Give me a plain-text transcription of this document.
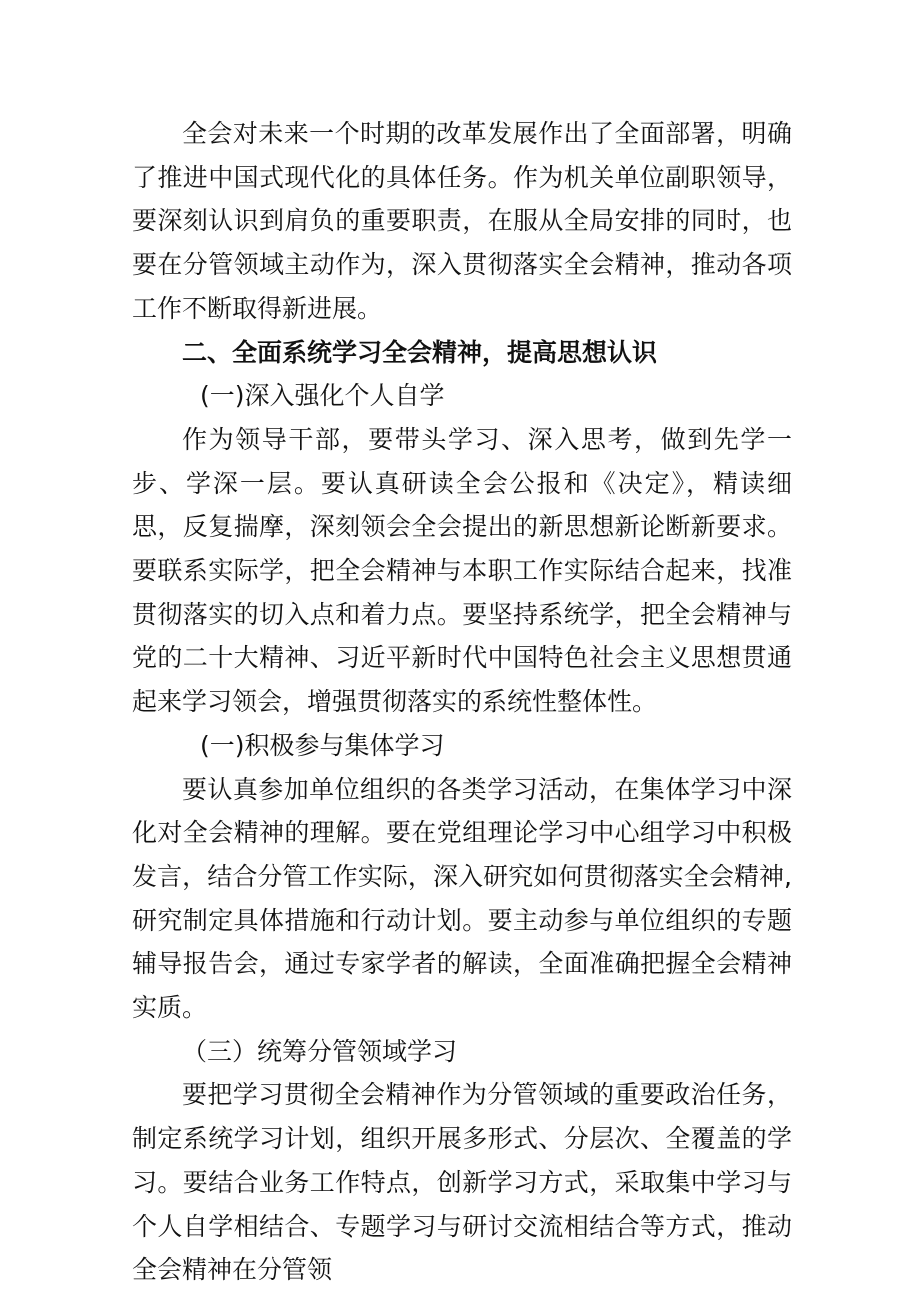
全会对未来一个时期的改革发展作出了全面部署，明确了推进中国式现代化的具体任务。作为机关单位副职领导，要深刻认识到肩负的重要职责，在服从全局安排的同时，也要在分管领域主动作为，深入贯彻落实全会精神，推动各项工作不断取得新进展。

二、全面系统学习全会精神，提高思想认识

(一)深入强化个人自学

作为领导干部，要带头学习、深入思考，做到先学一步、学深一层。要认真研读全会公报和《决定》，精读细思，反复揣摩，深刻领会全会提出的新思想新论断新要求。要联系实际学，把全会精神与本职工作实际结合起来，找准贯彻落实的切入点和着力点。要坚持系统学，把全会精神与党的二十大精神、习近平新时代中国特色社会主义思想贯通起来学习领会，增强贯彻落实的系统性整体性。

(一)积极参与集体学习

要认真参加单位组织的各类学习活动，在集体学习中深化对全会精神的理解。要在党组理论学习中心组学习中积极发言，结合分管工作实际，深入研究如何贯彻落实全会精神,研究制定具体措施和行动计划。要主动参与单位组织的专题辅导报告会，通过专家学者的解读，全面准确把握全会精神实质。

（三）统筹分管领域学习

要把学习贯彻全会精神作为分管领域的重要政治任务，制定系统学习计划，组织开展多形式、分层次、全覆盖的学习。要结合业务工作特点，创新学习方式，采取集中学习与个人自学相结合、专题学习与研讨交流相结合等方式，推动全会精神在分管领
